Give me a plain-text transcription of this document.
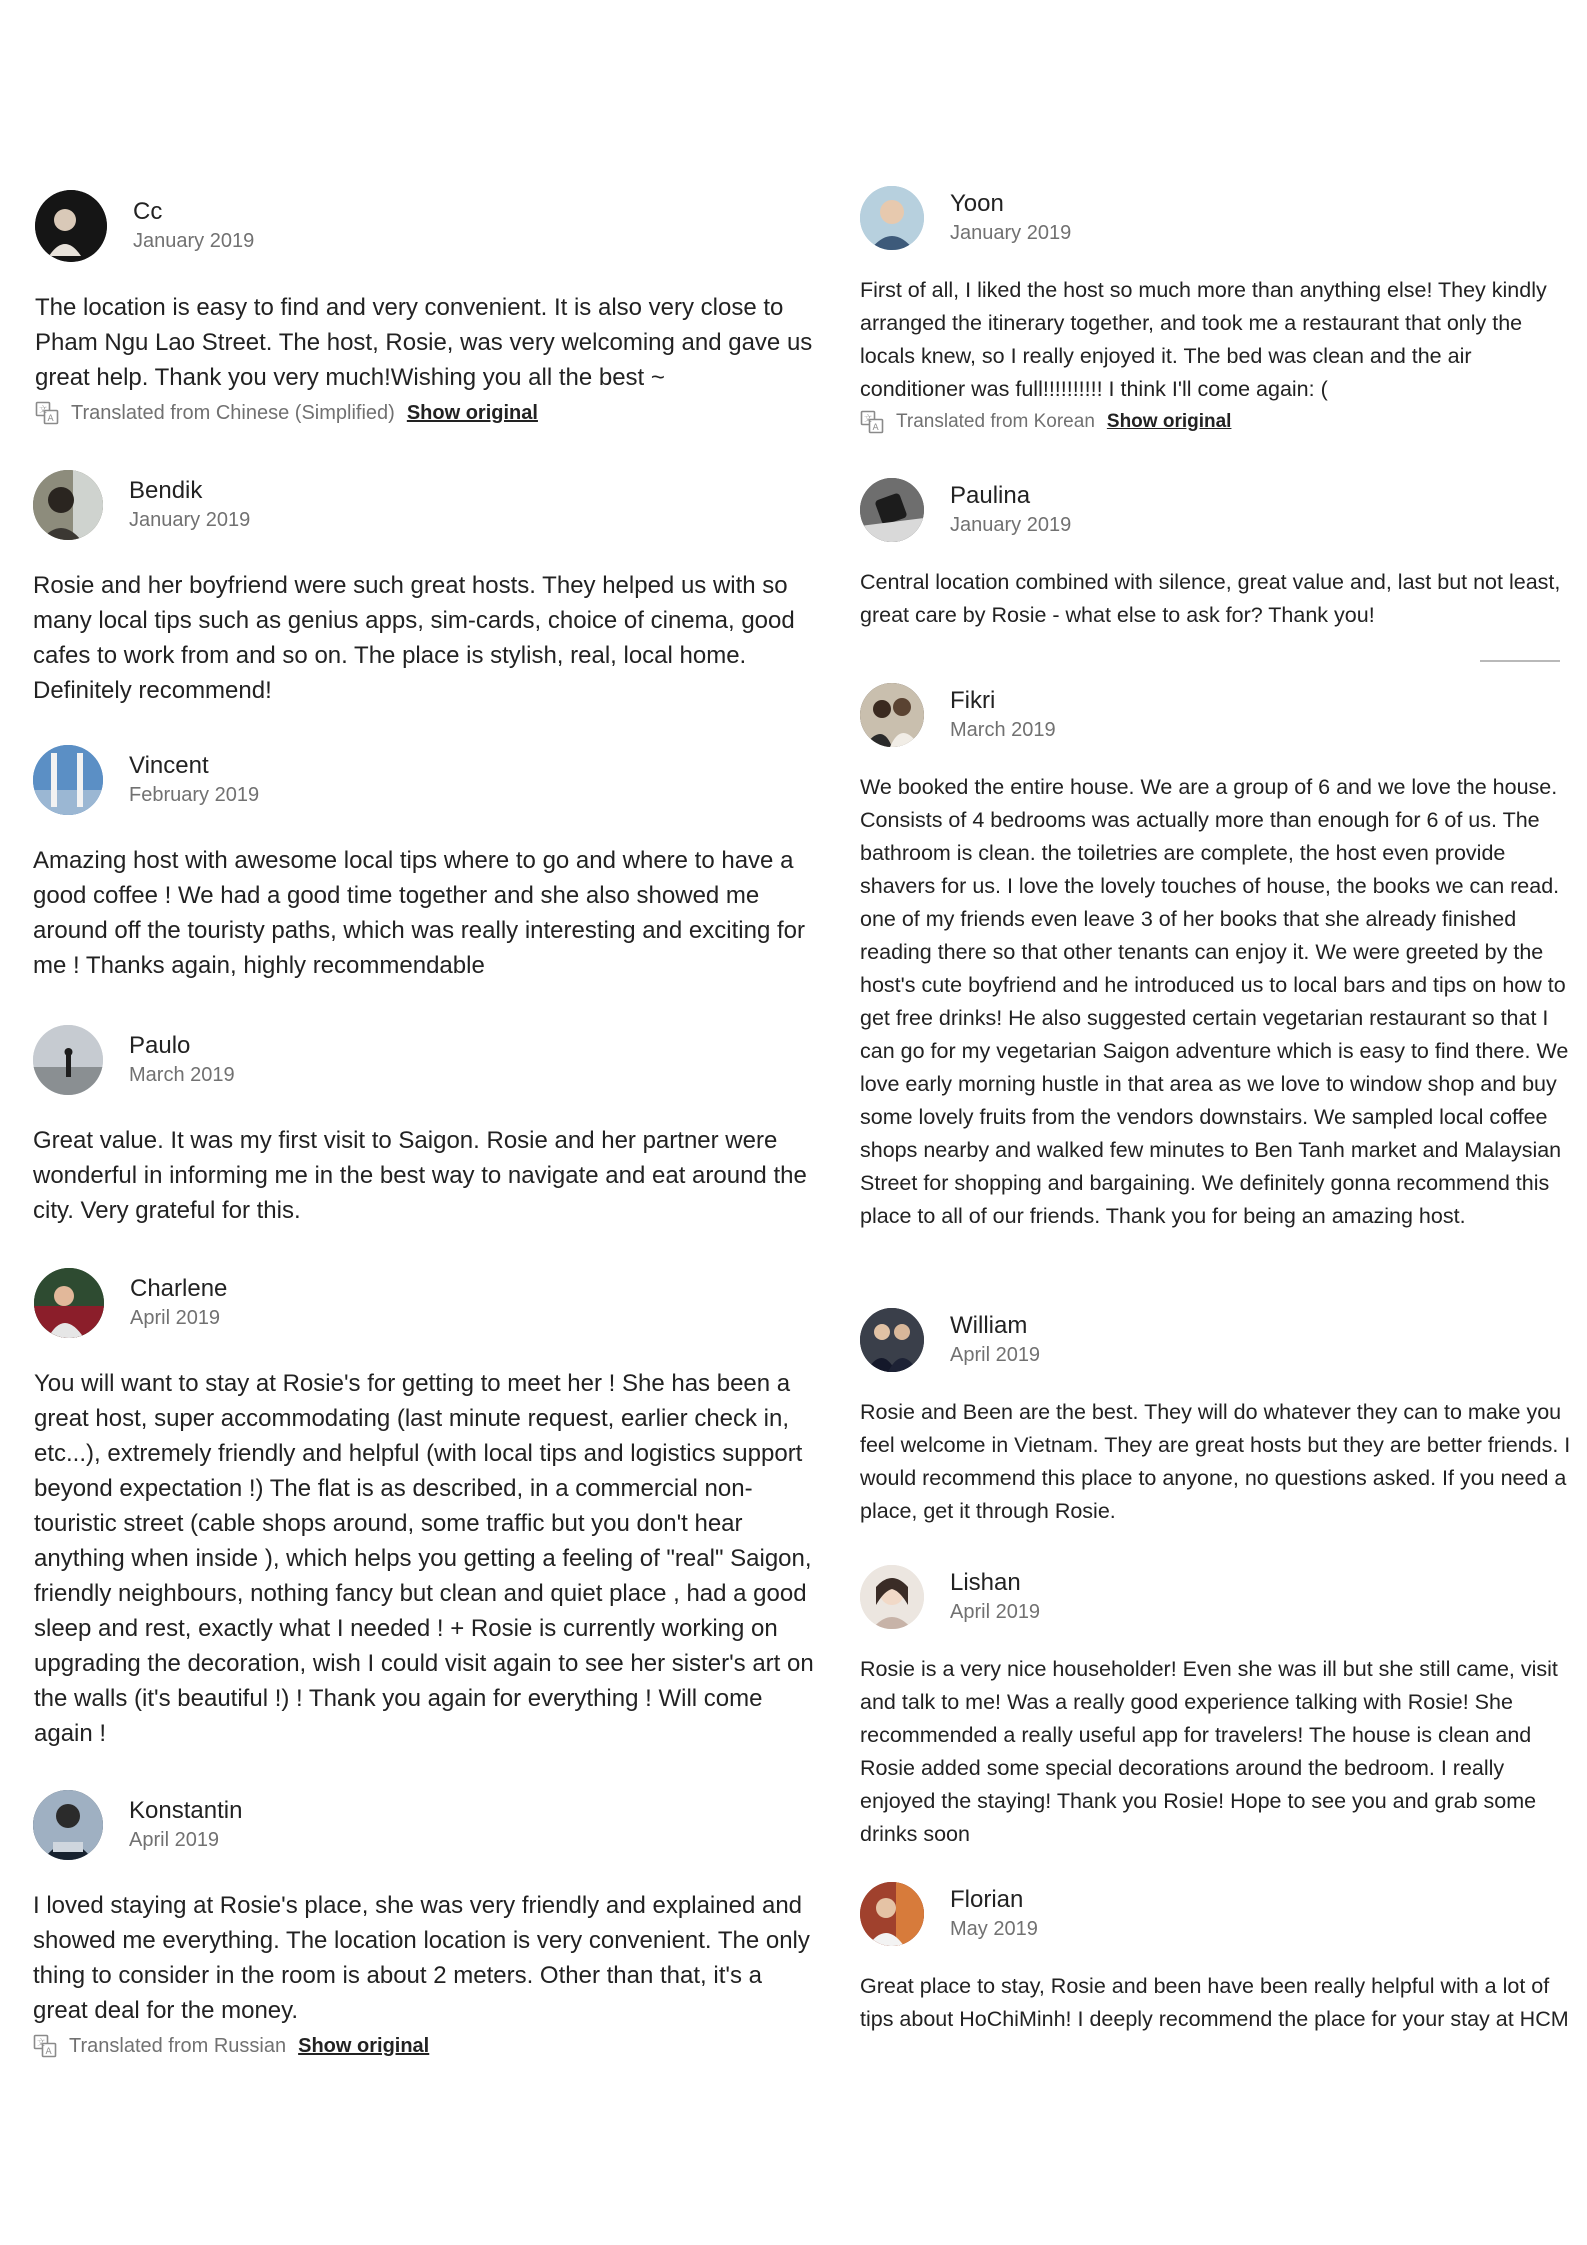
Cc
January 2019
The location is easy to find and very convenient. It is also very close to Pham Ngu Lao Street. The host, Rosie, was very welcoming and gave us great help. Thank you very much!Wishing you all the best ~
文
A Translated from Chinese (Simplified) Show original
Bendik
January 2019
Rosie and her boyfriend were such great hosts. They helped us with so many local tips such as genius apps, sim-cards, choice of cinema, good cafes to work from and so on. The place is stylish, real, local home. Definitely recommend!
Vincent
February 2019
Amazing host with awesome local tips where to go and where to have a good coffee ! We had a good time together and she also showed me around off the touristy paths, which was really interesting and exciting for me ! Thanks again, highly recommendable
Paulo
March 2019
Great value. It was my first visit to Saigon. Rosie and her partner were wonderful in informing me in the best way to navigate and eat around the city. Very grateful for this.
Charlene
April 2019
You will want to stay at Rosie's for getting to meet her ! She has been a great host, super accommodating (last minute request, earlier check in, etc...), extremely friendly and helpful (with local tips and logistics support beyond expectation !) The flat is as described, in a commercial non-touristic street (cable shops around, some traffic but you don't hear anything when inside ), which helps you getting a feeling of "real" Saigon, friendly neighbours, nothing fancy but clean and quiet place , had a good sleep and rest, exactly what I needed ! + Rosie is currently working on upgrading the decoration, wish I could visit again to see her sister's art on the walls (it's beautiful !) ! Thank you again for everything ! Will come again !
Konstantin
April 2019
I loved staying at Rosie's place, she was very friendly and explained and showed me everything. The location location is very convenient. The only thing to consider in the room is about 2 meters. Other than that, it's a great deal for the money.
文
A Translated from Russian Show original
Yoon
January 2019
First of all, I liked the host so much more than anything else! They kindly arranged the itinerary together, and took me a restaurant that only the locals knew, so I really enjoyed it. The bed was clean and the air conditioner was full!!!!!!!!!! I think I'll come again: (
文
A Translated from Korean Show original
Paulina
January 2019
Central location combined with silence, great value and, last but not least, great care by Rosie - what else to ask for? Thank you!
Fikri
March 2019
We booked the entire house. We are a group of 6 and we love the house. Consists of 4 bedrooms was actually more than enough for 6 of us. The bathroom is clean. the toiletries are complete, the host even provide shavers for us. I love the lovely touches of house, the books we can read. one of my friends even leave 3 of her books that she already finished reading there so that other tenants can enjoy it. We were greeted by the host's cute boyfriend and he introduced us to local bars and tips on how to get free drinks! He also suggested certain vegetarian restaurant so that I can go for my vegetarian Saigon adventure which is easy to find there. We love early morning hustle in that area as we love to window shop and buy some lovely fruits from the vendors downstairs. We sampled local coffee shops nearby and walked few minutes to Ben Tanh market and Malaysian Street for shopping and bargaining. We definitely gonna recommend this place to all of our friends. Thank you for being an amazing host.
William
April 2019
Rosie and Been are the best. They will do whatever they can to make you feel welcome in Vietnam. They are great hosts but they are better friends. I would recommend this place to anyone, no questions asked. If you need a place, get it through Rosie.
Lishan
April 2019
Rosie is a very nice householder! Even she was ill but she still came, visit and talk to me! Was a really good experience talking with Rosie! She recommended a really useful app for travelers! The house is clean and Rosie added some special decorations around the bedroom. I really enjoyed the staying! Thank you Rosie! Hope to see you and grab some drinks soon
Florian
May 2019
Great place to stay, Rosie and been have been really helpful with a lot of tips about HoChiMinh! I deeply recommend the place for your stay at HCM
